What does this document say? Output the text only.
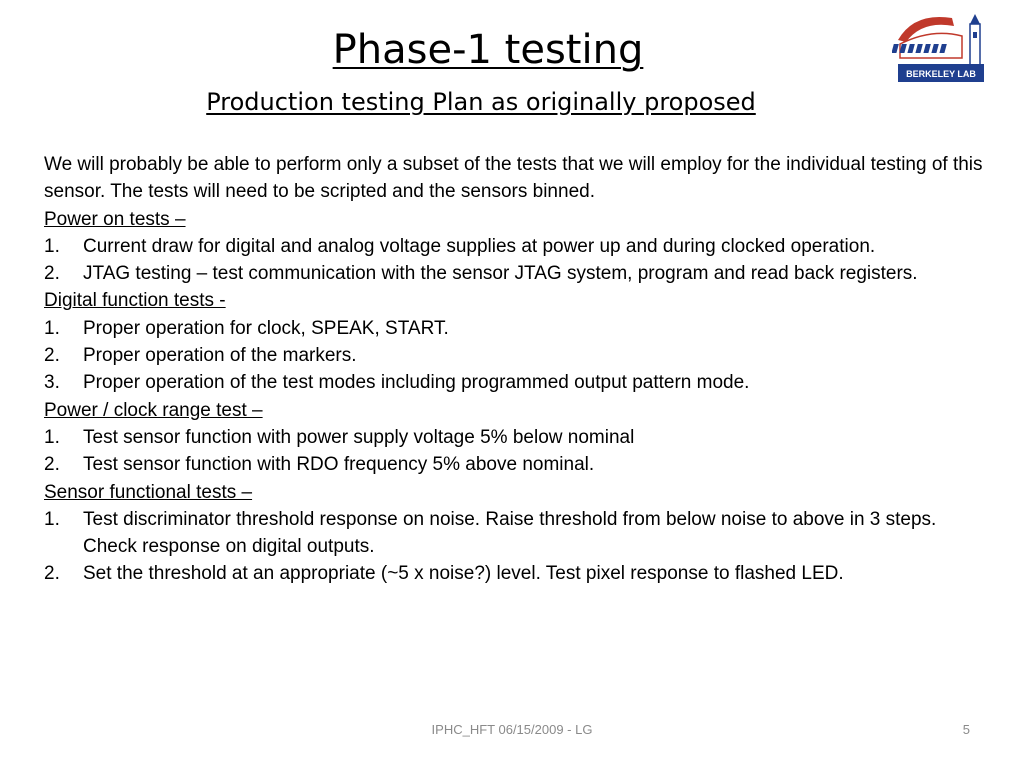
Phase-1 testing
Production testing Plan as originally proposed
BERKELEY LAB

We will probably be able to perform only a subset of the tests that we will employ for the individual testing of this sensor. The tests will need to be scripted and the sensors binned.

Power on tests –

1. Current draw for digital and analog voltage supplies at power up and during clocked operation.
2. JTAG testing – test communication with the sensor JTAG system, program and read back registers.

Digital function tests -

1. Proper operation for clock, SPEAK, START.
2. Proper operation of the markers.
3. Proper operation of the test modes including programmed output pattern mode.

Power / clock range test –

1. Test sensor function with power supply voltage 5% below nominal
2. Test sensor function with RDO frequency 5% above nominal.

Sensor functional tests –

1. Test discriminator threshold response on noise. Raise threshold from below noise to above in 3 steps. Check response on digital outputs.
2. Set the threshold at an appropriate (~5 x noise?) level. Test pixel response to flashed LED.
IPHC_HFT 06/15/2009 - LG	5
